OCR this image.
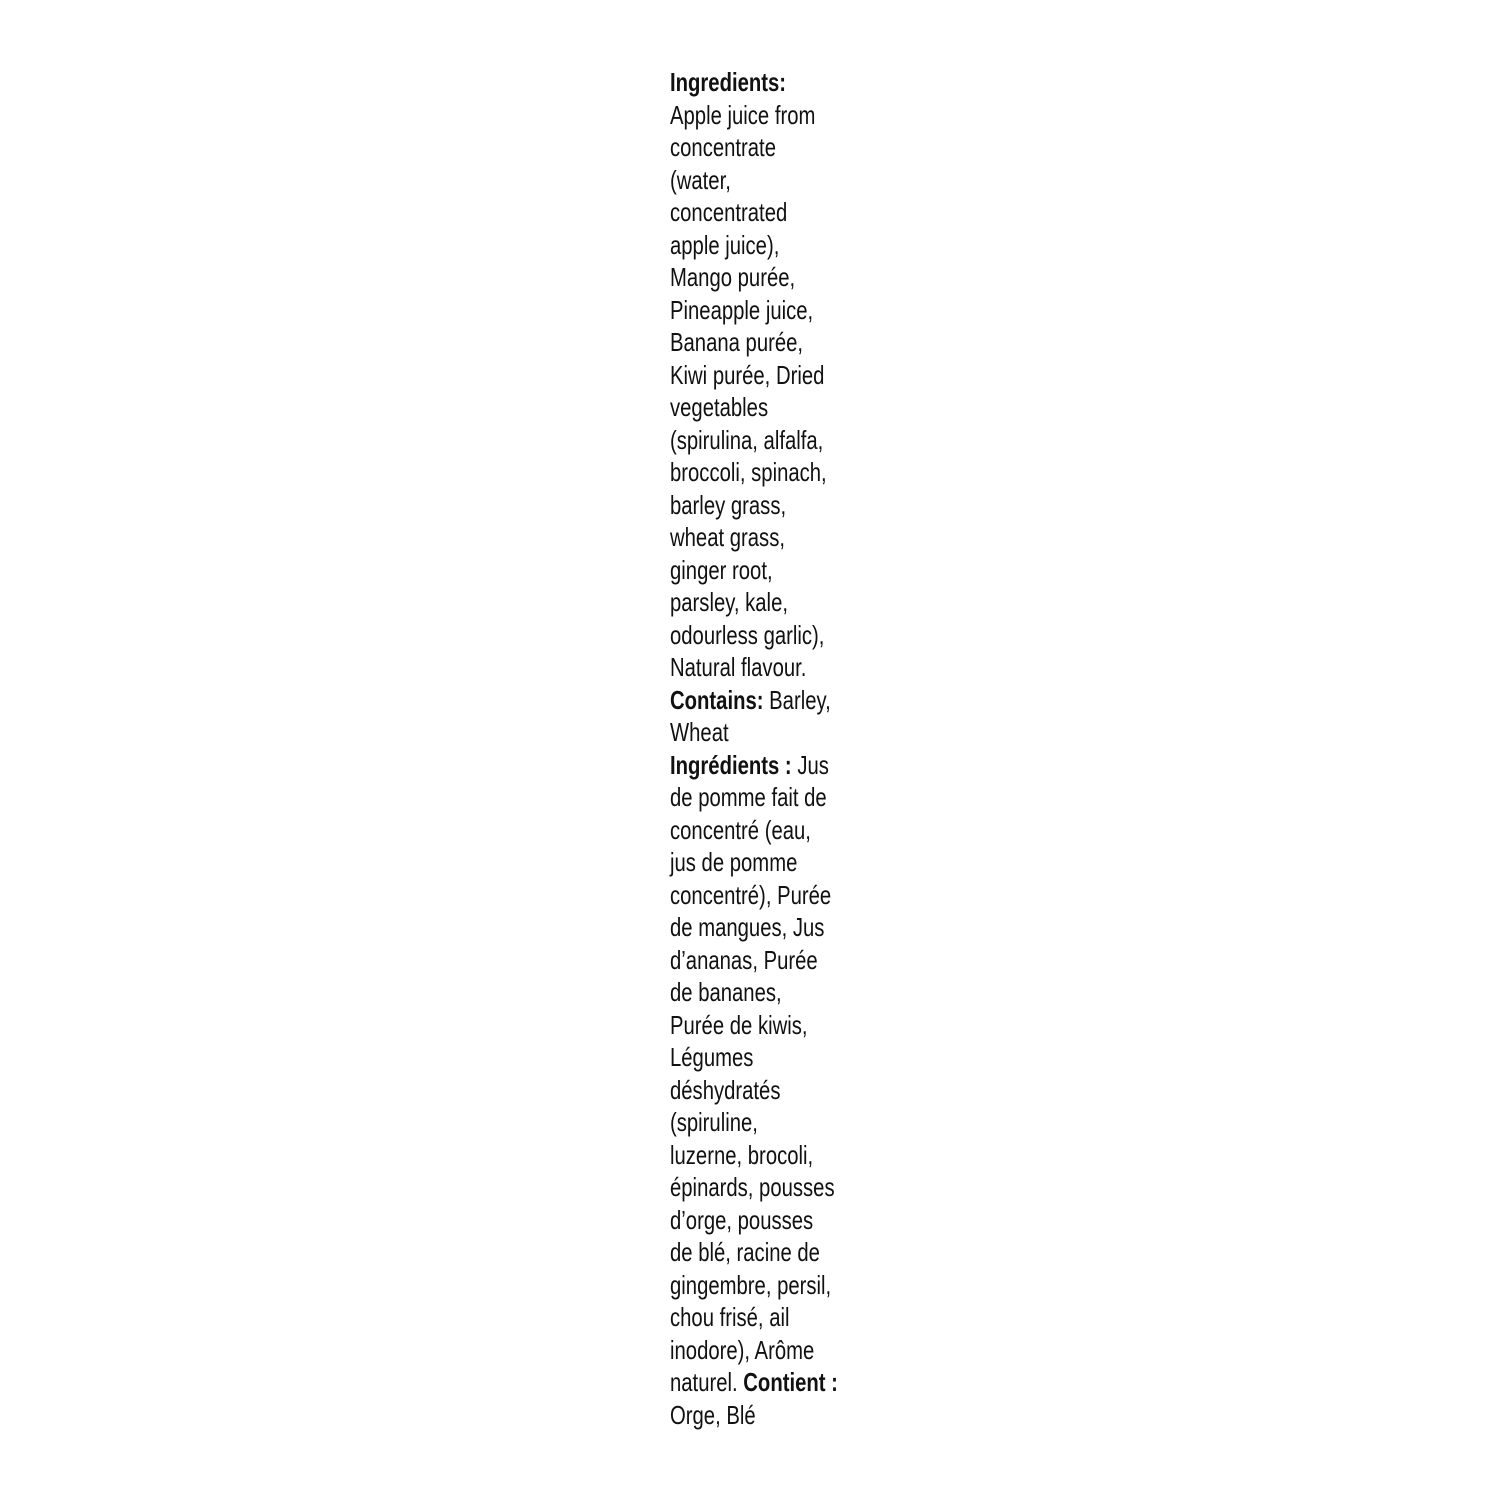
Ingredients:
Apple juice from
concentrate
(water,
concentrated
apple juice),
Mango purée,
Pineapple juice,
Banana purée,
Kiwi purée, Dried
vegetables
(spirulina, alfalfa,
broccoli, spinach,
barley grass,
wheat grass,
ginger root,
parsley, kale,
odourless garlic),
Natural flavour.
Contains: Barley,
Wheat
Ingrédients : Jus
de pomme fait de
concentré (eau,
jus de pomme
concentré), Purée
de mangues, Jus
d’ananas, Purée
de bananes,
Purée de kiwis,
Légumes
déshydratés
(spiruline,
luzerne, brocoli,
épinards, pousses
d’orge, pousses
de blé, racine de
gingembre, persil,
chou frisé, ail
inodore), Arôme
naturel. Contient :
Orge, Blé
